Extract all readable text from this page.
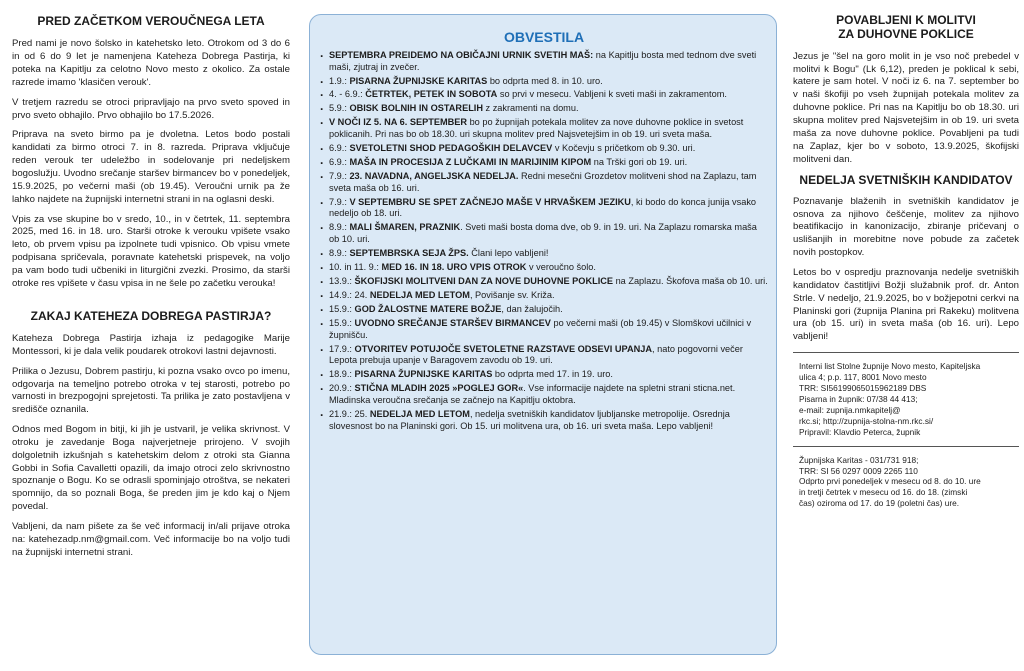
PRED ZAČETKOM VEROUČNEGA LETA

Pred nami je novo šolsko in katehetsko leto. Otrokom od 3 do 6 in od 6 do 9 let je namenjena Kateheza Dobrega Pastirja, ki poteka na Kapitlju za celotno Novo mesto z okolico. Za ostale razrede imamo 'klasičen verouk'.

V tretjem razredu se otroci pripravljajo na prvo sveto spoved in prvo sveto obhajilo. Prvo obhajilo bo 17.5.2026.

Priprava na sveto birmo pa je dvoletna. Letos bodo postali kandidati za birmo otroci 7. in 8. razreda. Priprava vključuje reden verouk ter udeležbo in sodelovanje pri nedeljskem bogoslužju. Uvodno srečanje staršev birmancev bo v ponedeljek, 15.9.2025, po večerni maši (ob 19.45). Veroučni urnik pa že lahko najdete na župnijski internetni strani in na oglasni deski.

Vpis za vse skupine bo v sredo, 10., in v četrtek, 11. septembra 2025, med 16. in 18. uro. Starši otroke k verouku vpišete vsako leto, ob prvem vpisu pa izpolnete tudi vpisnico. Ob vpisu vmete podpisana spričevala, poravnate katehetski prispevek, na voljo pa vam bodo tudi učbeniki in liturgični zvezki. Prosimo, da starši otroke res vpišete v času vpisa in ne šele po začetku verouka!

ZAKAJ KATEHEZA DOBREGA PASTIRJA?

Kateheza Dobrega Pastirja izhaja iz pedagogike Marije Montessori, ki je dala velik poudarek otrokovi lastni dejavnosti.

Prilika o Jezusu, Dobrem pastirju, ki pozna vsako ovco po imenu, odgovarja na temeljno potrebo otroka v tej starosti, potrebo po varnosti in brezpogojni sprejetosti. Ta prilika je zato postavljena v središče oznanila.

Odnos med Bogom in bitji, ki jih je ustvaril, je velika skrivnost. V otroku je zavedanje Boga najverjetneje prirojeno. V svojih dolgoletnih izkušnjah s katehetskim delom z otroki sta Gianna Gobbi in Sofia Cavalletti opazili, da imajo otroci zelo skrivnostno spoznanje o Bogu. Ko se odrasli spominjajo otroštva, se nekateri spomnijo, da so poznali Boga, še preden jim je kdo kaj o Njem povedal.

Vabljeni, da nam pišete za še več informacij in/ali prijave otroka na: katehezadp.nm@gmail.com. Več informacije bo na voljo tudi na župnijski internetni strani.

OBVESTILA
· SEPTEMBRA PREIDEMO NA OBIČAJNI URNIK SVETIH MAŠ: na Kapitlju bosta med tednom dve sveti maši, zjutraj in zvečer.
· 1.9.: PISARNA ŽUPNIJSKE KARITAS bo odprta med 8. in 10. uro.
· 4. - 6.9.: ČETRTEK, PETEK IN SOBOTA so prvi v mesecu. Vabljeni k sveti maši in zakramentom.
· 5.9.: OBISK BOLNIH IN OSTARELIH z zakramenti na domu.
· V NOČI IZ 5. NA 6. SEPTEMBER bo po župnijah potekala molitev za nove duhovne poklice in svetost poklicanih. Pri nas bo ob 18.30. uri skupna molitev pred Najsvetejšim in ob 19. uri sveta maša.
· 6.9.: SVETOLETNI SHOD PEDAGOŠKIH DELAVCEV v Kočevju s pričetkom ob 9.30. uri.
· 6.9.: MAŠA IN PROCESIJA Z LUČKAMI IN MARIJINIM KIPOM na Trški gori ob 19. uri.
· 7.9.: 23. NAVADNA, ANGELJSKA NEDELJA. Redni mesečni Grozdetov molitveni shod na Zaplazu, tam sveta maša ob 16. uri.
· 7.9.: V SEPTEMBRU SE SPET ZAČNEJO MAŠE V HRVAŠKEM JEZIKU, ki bodo do konca junija vsako nedeljo ob 18. uri.
· 8.9.: MALI ŠMAREN, PRAZNIK. Sveti maši bosta doma dve, ob 9. in 19. uri. Na Zaplazu romarska maša ob 10. uri.
· 8.9.: SEPTEMBRSKA SEJA ŽPS. Člani lepo vabljeni!
· 10. in 11. 9.: MED 16. IN 18. URO VPIS OTROK v veroučno šolo.
· 13.9.: ŠKOFIJSKI MOLITVENI DAN ZA NOVE DUHOVNE POKLICE na Zaplazu. Škofova maša ob 10. uri.
· 14.9.: 24. NEDELJA MED LETOM, Povišanje sv. Križa.
· 15.9.: GOD ŽALOSTNE MATERE BOŽJE, dan žalujočih.
· 15.9.: UVODNO SREČANJE STARŠEV BIRMANCEV po večerni maši (ob 19.45) v Slomškovi učilnici v župnišču.
· 17.9.: OTVORITEV POTUJOČE SVETOLETNE RAZSTAVE ODSEVI UPANJA, nato pogovorni večer Lepota prebuja upanje v Baragovem zavodu ob 19. uri.
· 18.9.: PISARNA ŽUPNIJSKE KARITAS bo odprta med 17. in 19. uro.
· 20.9.: STIČNA MLADIH 2025 »POGLEJ GOR«. Vse informacije najdete na spletni strani sticna.net. Mladinska veroučna srečanja se začnejo na Kapitlju oktobra.
· 21.9.: 25. NEDELJA MED LETOM, nedelja svetniških kandidatov ljubljanske metropolije. Osrednja slovesnost bo na Planinski gori. Ob 15. uri molitvena ura, ob 16. uri sveta maša. Lepo vabljeni!
POVABLJENI K MOLITVI
ZA DUHOVNE POKLICE

Jezus je "šel na goro molit in je vso noč prebedel v molitvi k Bogu" (Lk 6,12), preden je poklical k sebi, katere je sam hotel. V noči iz 6. na 7. september bo v naši škofiji po vseh župnijah potekala molitev za duhovne poklice. Pri nas na Kapitlju bo ob 18.30. uri skupna molitev pred Najsvetejšim in ob 19. uri sveta maša za nove duhovne poklice. Povabljeni pa tudi na Zaplaz, kjer bo v soboto, 13.9.2025, škofijski molitveni dan.

NEDELJA SVETNIŠKIH KANDIDATOV

Poznavanje blaženih in svetniških kandidatov je osnova za njihovo češčenje, molitev za njihovo beatifikacijo in kanonizacijo, zbiranje pričevanj o uslišanjih in morebitne nove pobude za začetek novih postopkov.

Letos bo v ospredju praznovanja nedelje svetniških kandidatov častitljivi Božji služabnik prof. dr. Anton Strle. V nedeljo, 21.9.2025, bo v božjepotni cerkvi na Planinski gori (župnija Planina pri Rakeku) molitvena ura (ob 15. uri) in sveta maša (ob 16. uri). Lepo vabljeni!

Interni list Stolne župnije Novo mesto, Kapiteljska
ulica 4; p.p. 117, 8001 Novo mesto
TRR: SI56199065015962189 DBS
Pisarna in župnik: 07/38 44 413;
e-mail: zupnija.nmkapitelj@
rkc.si; http://zupnija-stolna-nm.rkc.si/
Pripravil: Klavdio Peterca, župnik
Župnijska Karitas - 031/731 918;
TRR: SI 56 0297 0009 2265 110
Odprto prvi ponedeljek v mesecu od 8. do 10. ure
in tretji četrtek v mesecu od 16. do 18. (zimski
čas) oziroma od 17. do 19 (poletni čas) ure.
